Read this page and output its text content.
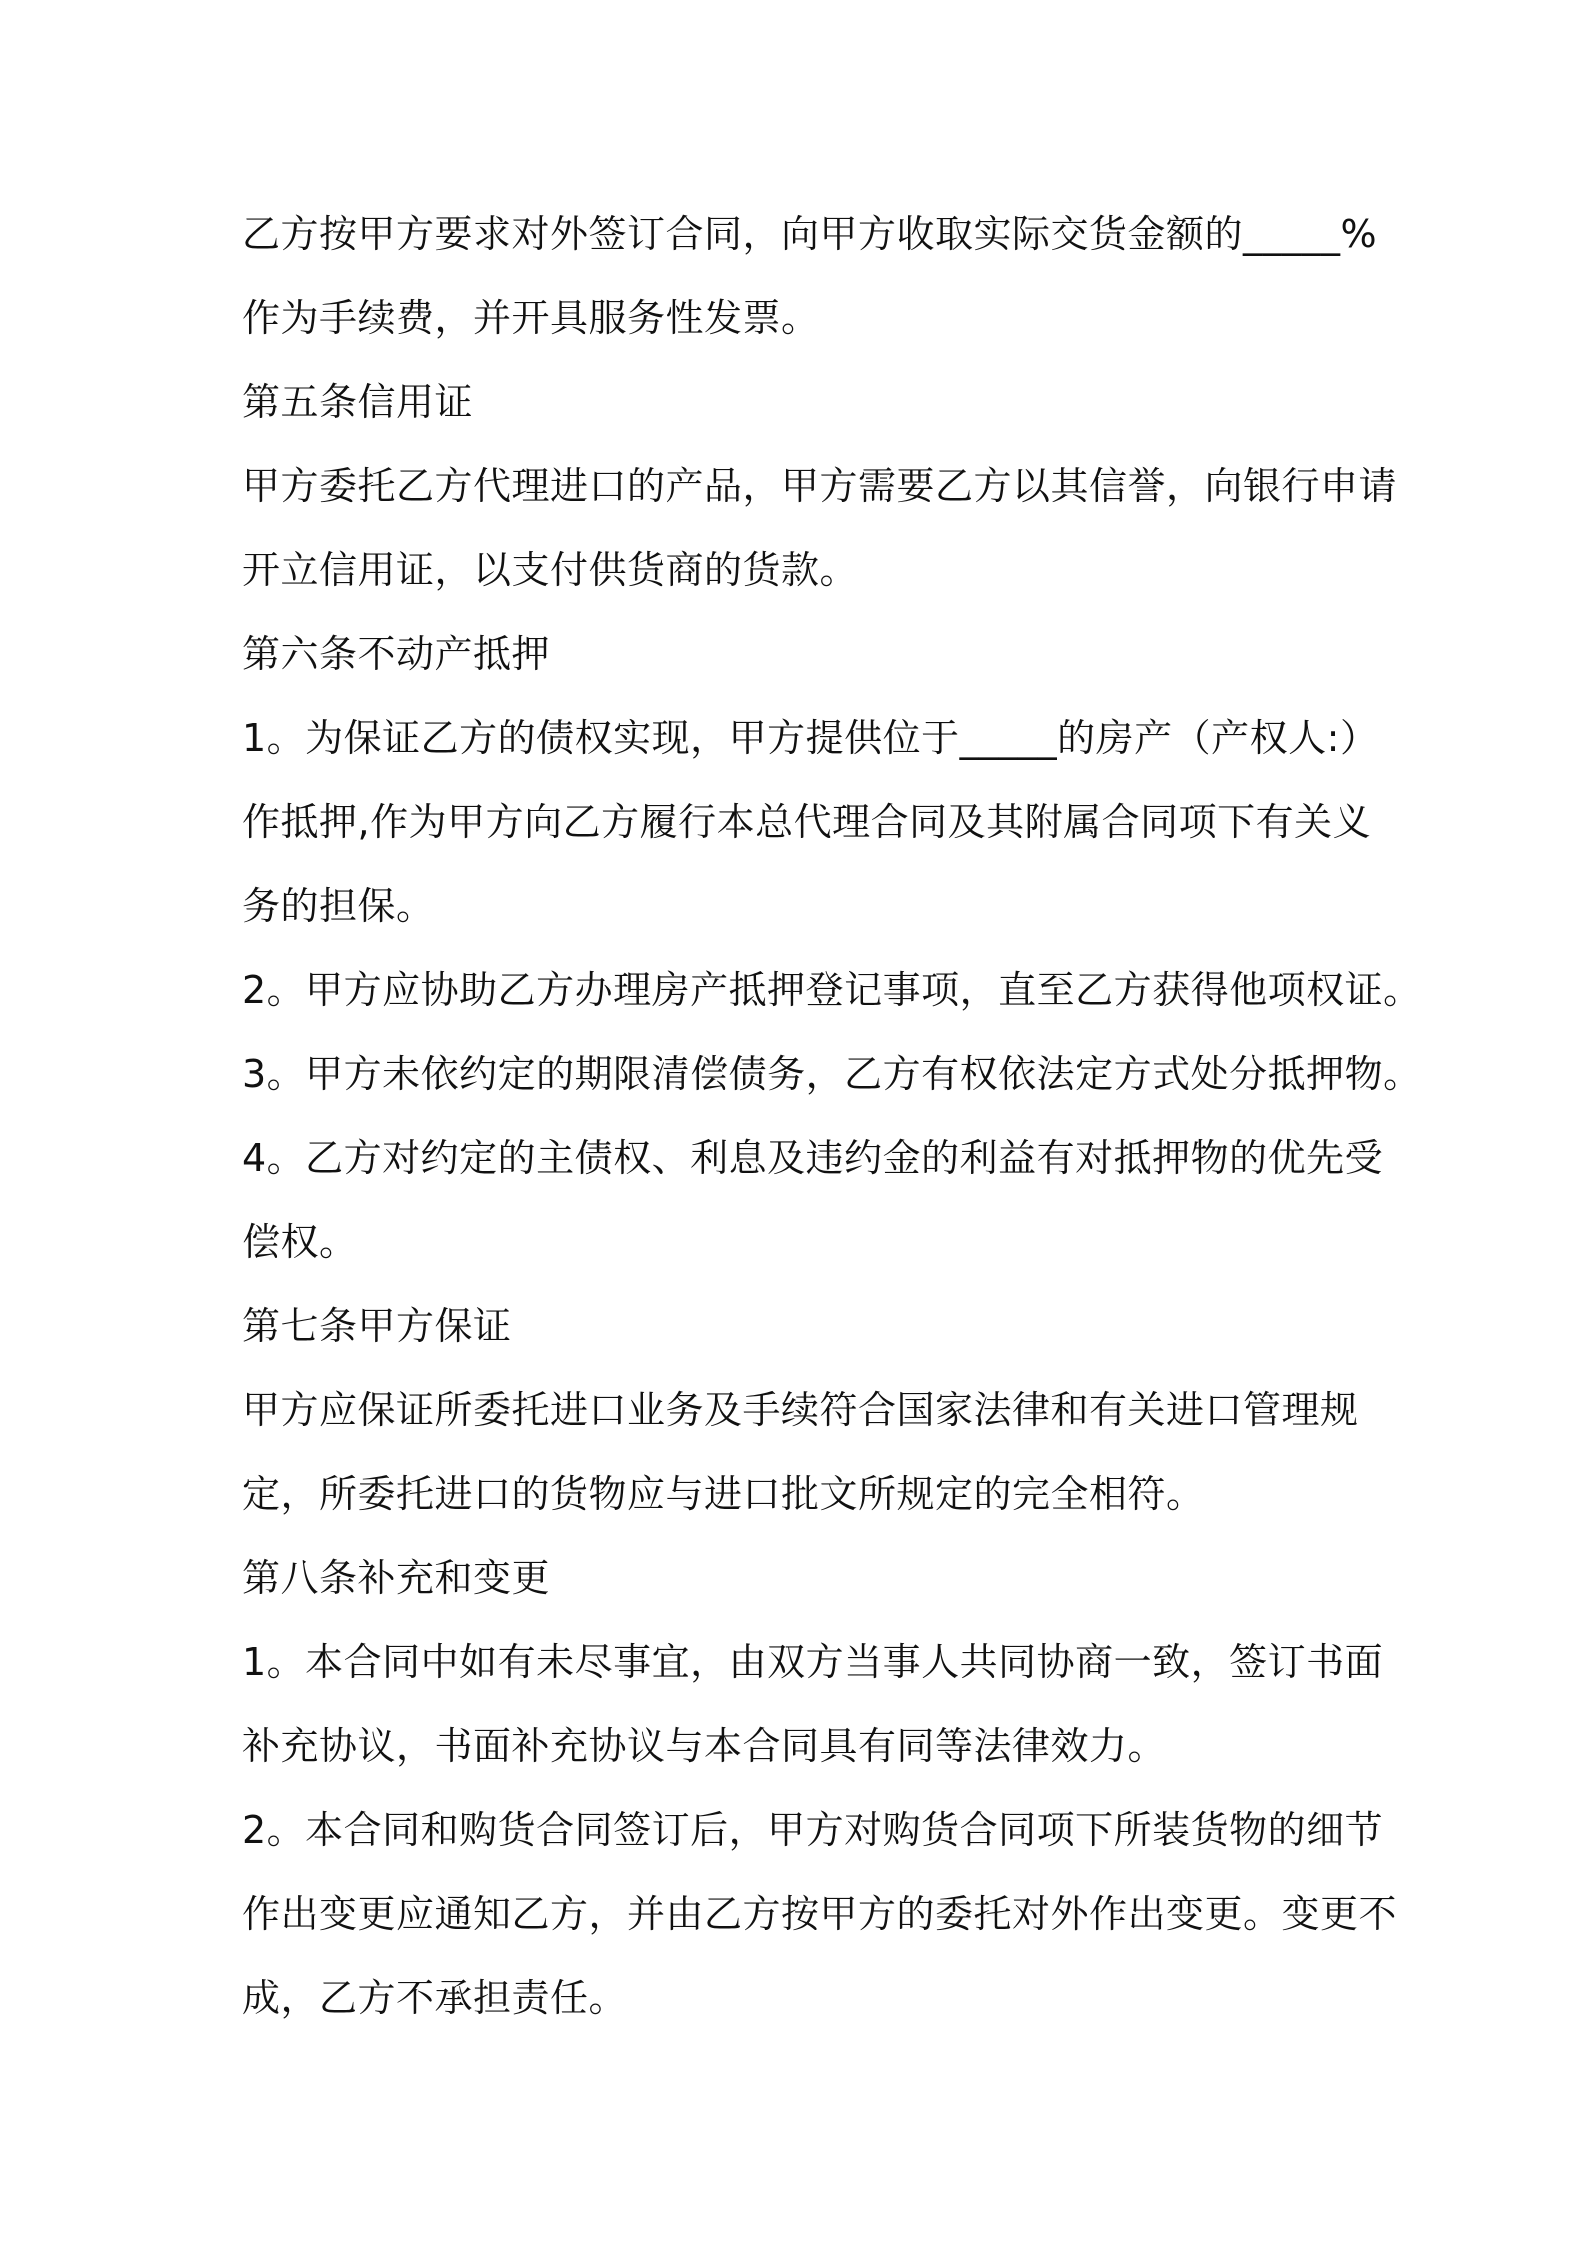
乙方按甲方要求对外签订合同，向甲方收取实际交货金额的_____%

作为手续费，并开具服务性发票。

第五条信用证

甲方委托乙方代理进口的产品，甲方需要乙方以其信誉，向银行申请

开立信用证，以支付供货商的货款。

第六条不动产抵押

1。为保证乙方的债权实现，甲方提供位于_____的房产（产权人:）

作抵押,作为甲方向乙方履行本总代理合同及其附属合同项下有关义

务的担保。

2。甲方应协助乙方办理房产抵押登记事项，直至乙方获得他项权证。

3。甲方未依约定的期限清偿债务，乙方有权依法定方式处分抵押物。

4。乙方对约定的主债权、利息及违约金的利益有对抵押物的优先受

偿权。

第七条甲方保证

甲方应保证所委托进口业务及手续符合国家法律和有关进口管理规

定，所委托进口的货物应与进口批文所规定的完全相符。

第八条补充和变更

1。本合同中如有未尽事宜，由双方当事人共同协商一致，签订书面

补充协议，书面补充协议与本合同具有同等法律效力。

2。本合同和购货合同签订后，甲方对购货合同项下所装货物的细节

作出变更应通知乙方，并由乙方按甲方的委托对外作出变更。变更不

成，乙方不承担责任。
